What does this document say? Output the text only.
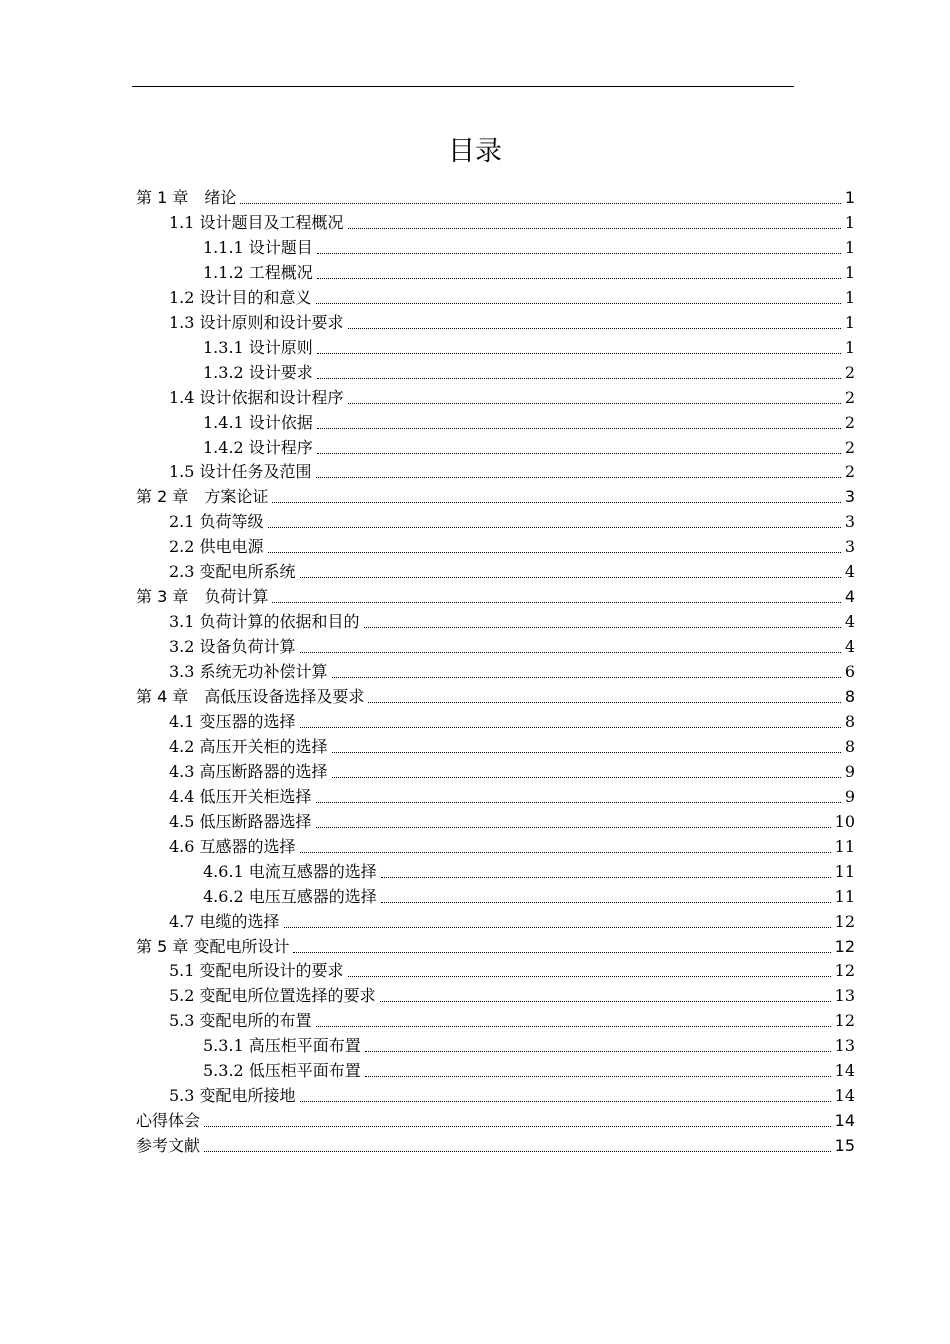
目录
第 1 章　绪论	1
1.1 设计题目及工程概况	1
1.1.1 设计题目	1
1.1.2 工程概况	1
1.2 设计目的和意义	1
1.3 设计原则和设计要求	1
1.3.1 设计原则	1
1.3.2 设计要求	2
1.4 设计依据和设计程序	2
1.4.1 设计依据	2
1.4.2 设计程序	2
1.5 设计任务及范围	2
第 2 章　方案论证	3
2.1 负荷等级	3
2.2 供电电源	3
2.3 变配电所系统	4
第 3 章　负荷计算	4
3.1 负荷计算的依据和目的	4
3.2 设备负荷计算	4
3.3 系统无功补偿计算	6
第 4 章　高低压设备选择及要求	8
4.1 变压器的选择	8
4.2 高压开关柜的选择	8
4.3 高压断路器的选择	9
4.4 低压开关柜选择	9
4.5 低压断路器选择	10
4.6 互感器的选择	11
4.6.1 电流互感器的选择	11
4.6.2 电压互感器的选择	11
4.7 电缆的选择	12
第 5 章 变配电所设计	12
5.1 变配电所设计的要求	12
5.2 变配电所位置选择的要求	13
5.3 变配电所的布置	12
5.3.1 高压柜平面布置	13
5.3.2 低压柜平面布置	14
5.3 变配电所接地	14
心得体会	14
参考文献	15
